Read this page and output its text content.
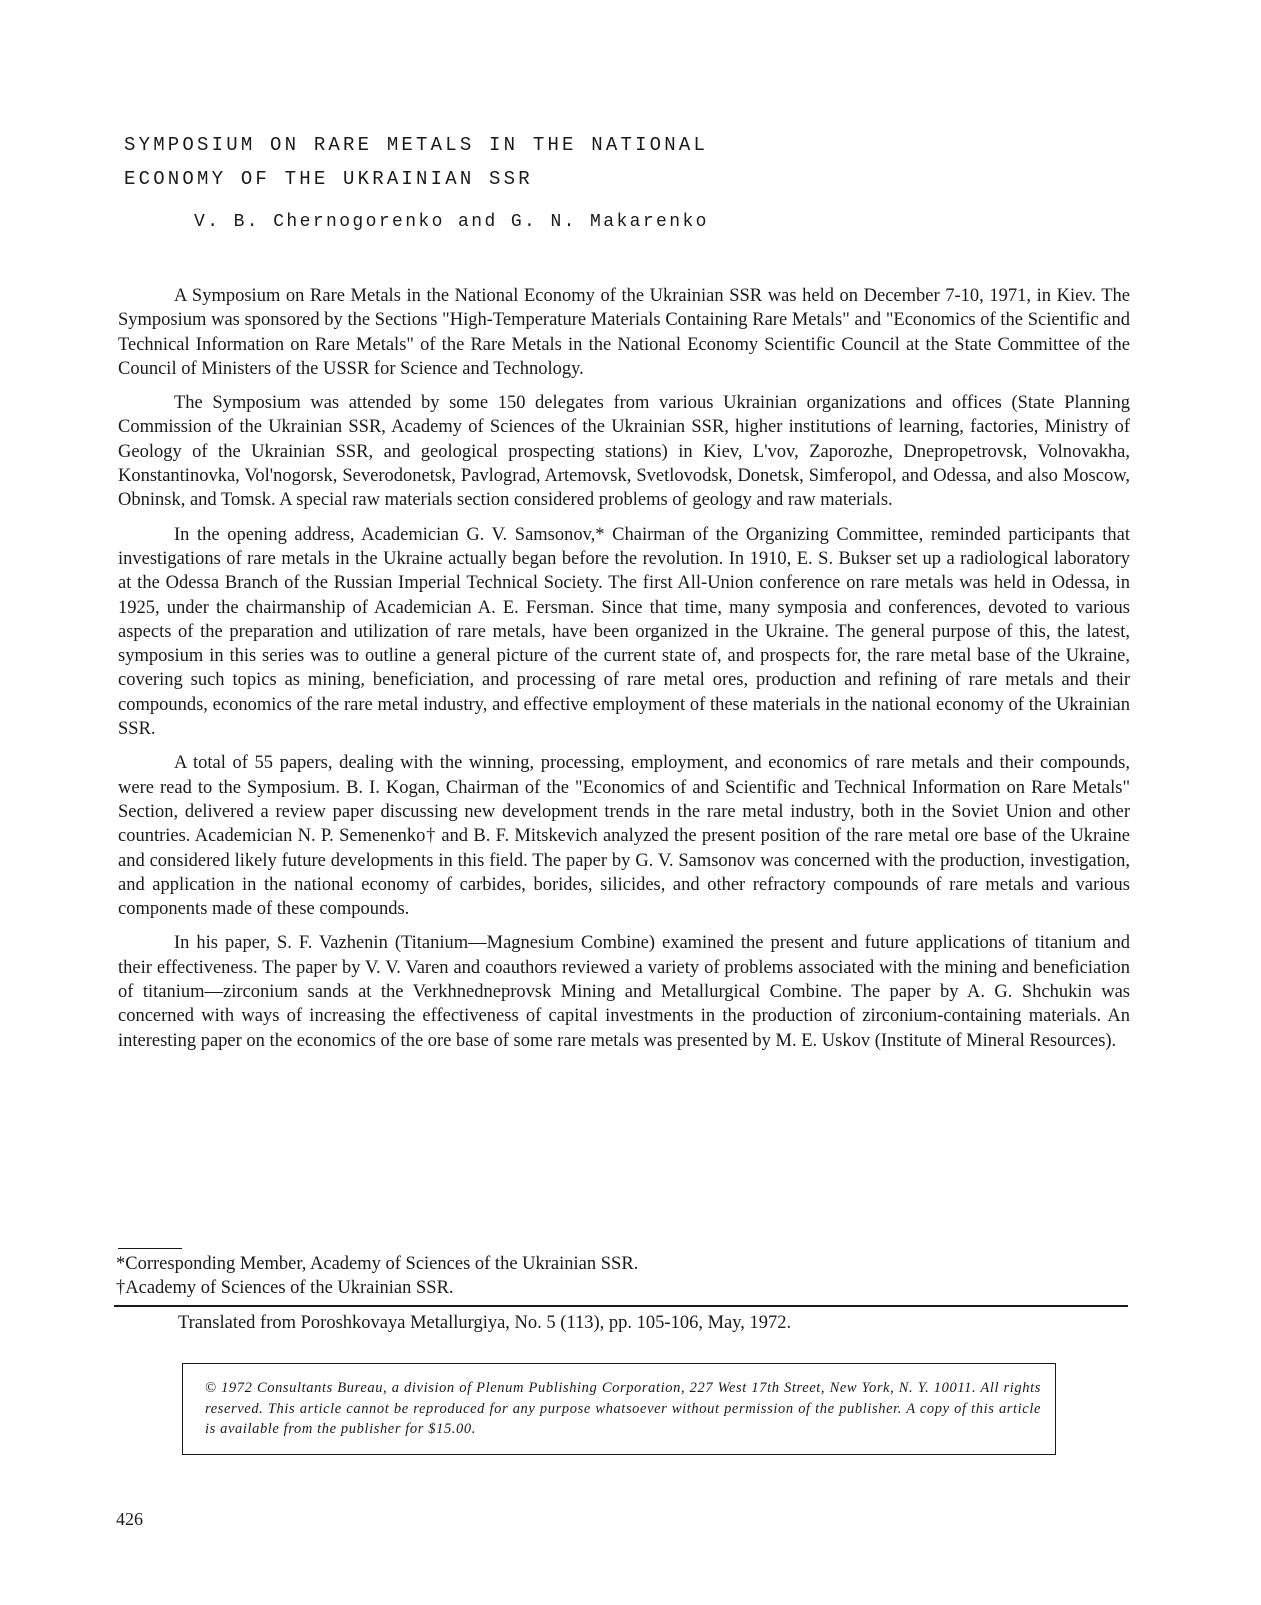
SYMPOSIUM ON RARE METALS IN THE NATIONAL
ECONOMY OF THE UKRAINIAN SSR
V. B. Chernogorenko and G. N. Makarenko

A Symposium on Rare Metals in the National Economy of the Ukrainian SSR was held on December 7-10, 1971, in Kiev. The Symposium was sponsored by the Sections "High-Temperature Materials Containing Rare Metals" and "Economics of the Scientific and Technical Information on Rare Metals" of the Rare Metals in the National Economy Scientific Council at the State Committee of the Council of Ministers of the USSR for Science and Technology.

The Symposium was attended by some 150 delegates from various Ukrainian organizations and offices (State Planning Commission of the Ukrainian SSR, Academy of Sciences of the Ukrainian SSR, higher institutions of learning, factories, Ministry of Geology of the Ukrainian SSR, and geological prospecting stations) in Kiev, L'vov, Zaporozhe, Dnepropetrovsk, Volnovakha, Konstantinovka, Vol'nogorsk, Severodonetsk, Pavlograd, Artemovsk, Svetlovodsk, Donetsk, Simferopol, and Odessa, and also Moscow, Obninsk, and Tomsk. A special raw materials section considered problems of geology and raw materials.

In the opening address, Academician G. V. Samsonov,* Chairman of the Organizing Committee, reminded participants that investigations of rare metals in the Ukraine actually began before the revolution. In 1910, E. S. Bukser set up a radiological laboratory at the Odessa Branch of the Russian Imperial Technical Society. The first All-Union conference on rare metals was held in Odessa, in 1925, under the chairmanship of Academician A. E. Fersman. Since that time, many symposia and conferences, devoted to various aspects of the preparation and utilization of rare metals, have been organized in the Ukraine. The general purpose of this, the latest, symposium in this series was to outline a general picture of the current state of, and prospects for, the rare metal base of the Ukraine, covering such topics as mining, beneficiation, and processing of rare metal ores, production and refining of rare metals and their compounds, economics of the rare metal industry, and effective employment of these materials in the national economy of the Ukrainian SSR.

A total of 55 papers, dealing with the winning, processing, employment, and economics of rare metals and their compounds, were read to the Symposium. B. I. Kogan, Chairman of the "Economics of and Scientific and Technical Information on Rare Metals" Section, delivered a review paper discussing new development trends in the rare metal industry, both in the Soviet Union and other countries. Academician N. P. Semenenko† and B. F. Mitskevich analyzed the present position of the rare metal ore base of the Ukraine and considered likely future developments in this field. The paper by G. V. Samsonov was concerned with the production, investigation, and application in the national economy of carbides, borides, silicides, and other refractory compounds of rare metals and various components made of these compounds.

In his paper, S. F. Vazhenin (Titanium—Magnesium Combine) examined the present and future applications of titanium and their effectiveness. The paper by V. V. Varen and coauthors reviewed a variety of problems associated with the mining and beneficiation of titanium—zirconium sands at the Verkhnedneprovsk Mining and Metallurgical Combine. The paper by A. G. Shchukin was concerned with ways of increasing the effectiveness of capital investments in the production of zirconium-containing materials. An interesting paper on the economics of the ore base of some rare metals was presented by M. E. Uskov (Institute of Mineral Resources).

*Corresponding Member, Academy of Sciences of the Ukrainian SSR.
†Academy of Sciences of the Ukrainian SSR.
Translated from Poroshkovaya Metallurgiya, No. 5 (113), pp. 105-106, May, 1972.
© 1972 Consultants Bureau, a division of Plenum Publishing Corporation, 227 West 17th Street, New York, N. Y. 10011. All rights reserved. This article cannot be reproduced for any purpose whatsoever without permission of the publisher. A copy of this article is available from the publisher for $15.00.
426
